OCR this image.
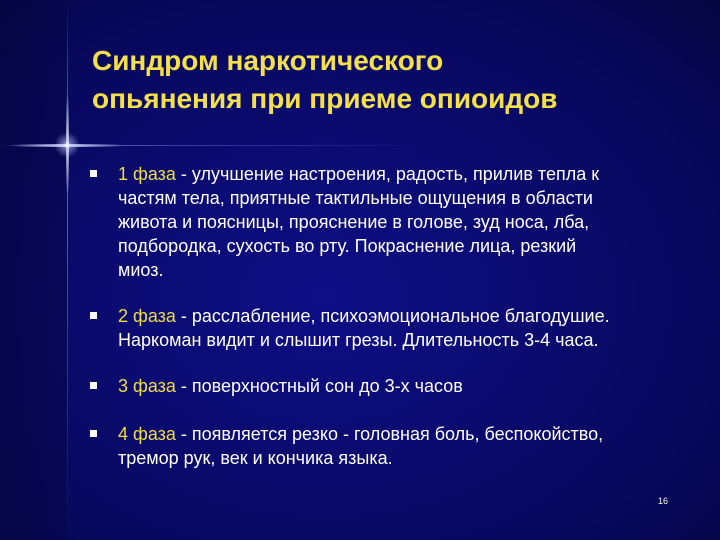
Синдром наркотического
опьянения при приеме опиоидов
1 фаза - улучшение настроения, радость, прилив тепла к
частям тела, приятные тактильные ощущения в области
живота и поясницы, прояснение в голове, зуд носа, лба,
подбородка, сухость во рту. Покраснение лица, резкий
миоз.
2 фаза - расслабление, психоэмоциональное благодушие.
Наркоман видит и слышит грезы. Длительность 3-4 часа.
3 фаза - поверхностный сон до 3-х часов
4 фаза - появляется резко - головная боль, беспокойство,
тремор рук, век и кончика языка.
16
